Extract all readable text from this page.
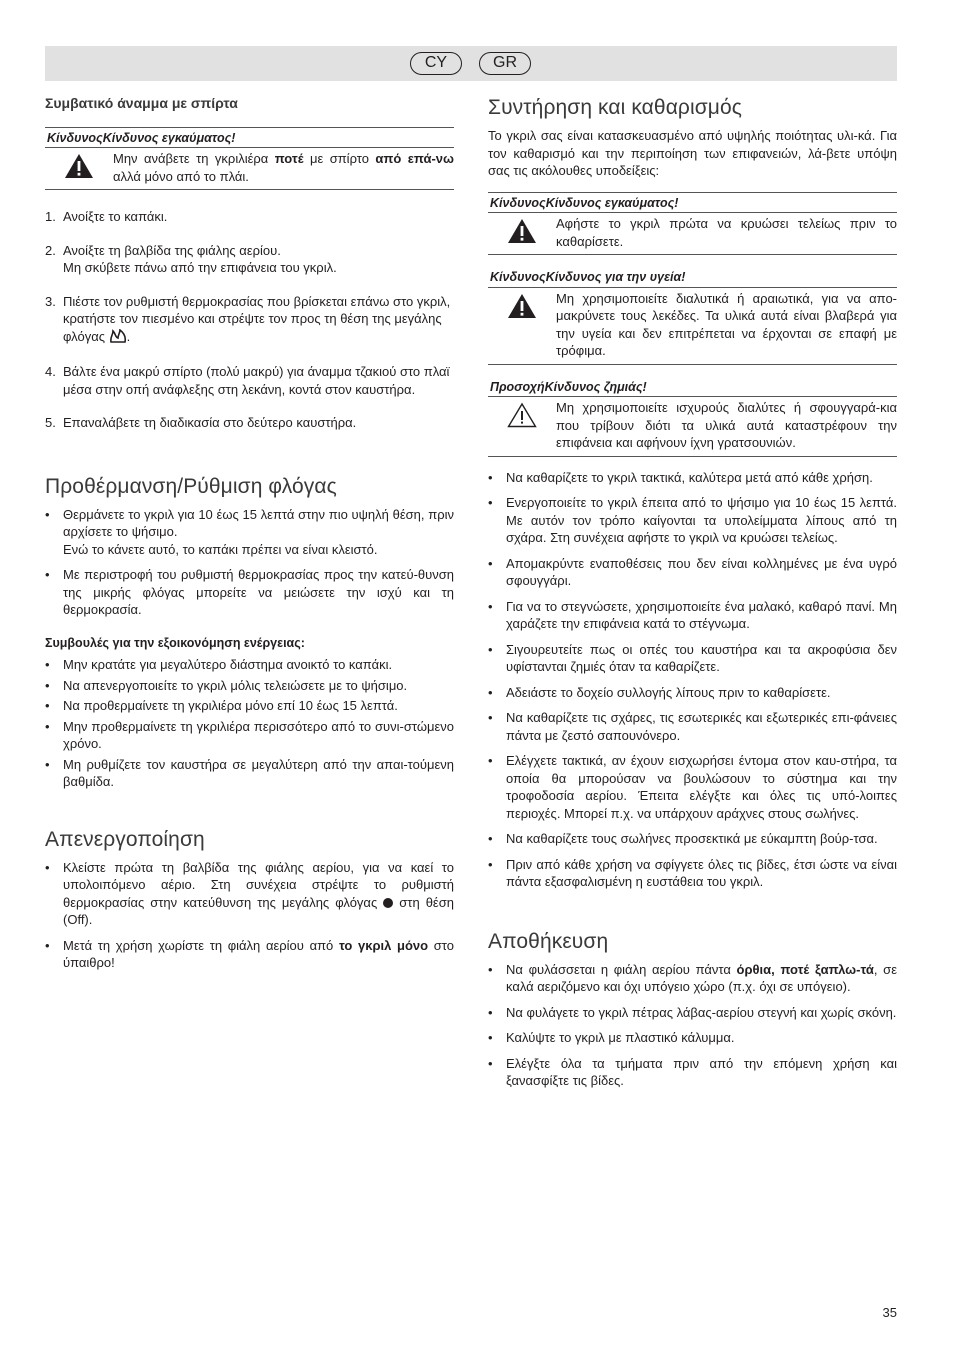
CY	GR
Συμβατικό άναμμα με σπίρτα
ΚίνδυνοςΚίνδυνος εγκαύματος!
Μην ανάβετε τη γκριλιέρα ποτέ με σπίρτο από επά-νω αλλά μόνο από το πλάι.
1. Ανοίξτε το καπάκι.
2. Ανοίξτε τη βαλβίδα της φιάλης αερίου.
Μη σκύβετε πάνω από την επιφάνεια του γκριλ.
3. Πιέστε τον ρυθμιστή θερμοκρασίας που βρίσκεται επάνω στο γκριλ, κρατήστε τον πιεσμένο και στρέψτε τον προς τη θέση της μεγάλης φλόγας .
4. Βάλτε ένα μακρύ σπίρτο (πολύ μακρύ) για άναμμα τζακιού στο πλαϊ μέσα στην οπή ανάφλεξης στη λεκάνη, κοντά στον καυστήρα.
5. Επαναλάβετε τη διαδικασία στο δεύτερο καυστήρα.
Προθέρμανση/Ρύθμιση φλόγας
•	Θερμάνετε το γκριλ για 10 έως 15 λεπτά στην πιο υψηλή θέση, πριν αρχίσετε το ψήσιμο.
Ενώ το κάνετε αυτό, το καπάκι πρέπει να είναι κλειστό.
•	Με περιστροφή του ρυθμιστή θερμοκρασίας προς την κατεύ-θυνση της μικρής φλόγας μπορείτε να μειώσετε την ισχύ και τη θερμοκρασία.
Συμβουλές για την εξοικονόμηση ενέργειας:
•	Μην κρατάτε για μεγαλύτερο διάστημα ανοικτό το καπάκι.
•	Να απενεργοποιείτε το γκριλ μόλις τελειώσετε με το ψήσιμο.
•	Να προθερμαίνετε τη γκριλιέρα μόνο επί 10 έως 15 λεπτά.
•	Μην προθερμαίνετε τη γκριλιέρα περισσότερο από το συνι-στώμενο χρόνο.
•	Μη ρυθμίζετε τον καυστήρα σε μεγαλύτερη από την απαι-τούμενη βαθμίδα.
Απενεργοποίηση
•	Κλείστε πρώτα τη βαλβίδα της φιάλης αερίου, για να καεί το υπολοιπόμενο αέριο. Στη συνέχεια στρέψτε το ρυθμιστή θερμοκρασίας στην κατεύθυνση της μεγάλης φλόγας  στη θέση (Off).
•	Μετά τη χρήση χωρίστε τη φιάλη αερίου από το γκριλ μόνο στο ύπαιθρο!
Συντήρηση και καθαρισμός

Το γκριλ σας είναι κατασκευασμένο από υψηλής ποιότητας υλι-κά. Για τον καθαρισμό και την περιποίηση των επιφανειών, λά-βετε υπόψη σας τις ακόλουθες υποδείξεις:

ΚίνδυνοςΚίνδυνος εγκαύματος!
Αφήστε το γκριλ πρώτα να κρυώσει τελείως πριν το καθαρίσετε.
ΚίνδυνοςΚίνδυνος για την υγεία!
Μη χρησιμοποιείτε διαλυτικά ή αραιωτικά, για να απο-μακρύνετε τους λεκέδες. Τα υλικά αυτά είναι βλαβερά για την υγεία και δεν επιτρέπεται να έρχονται σε επαφή με τρόφιμα.
ΠροσοχήΚίνδυνος ζημιάς!
Μη χρησιμοποιείτε ισχυρούς διαλύτες ή σφουγγαρά-κια που τρίβουν διότι τα υλικά αυτά καταστρέφουν την επιφάνεια και αφήνουν ίχνη γρατσουνιών.
•	Να καθαρίζετε το γκριλ τακτικά, καλύτερα μετά από κάθε χρήση.
•	Ενεργοποιείτε το γκριλ έπειτα από το ψήσιμο για 10 έως 15 λεπτά. Με αυτόν τον τρόπο καίγονται τα υπολείμματα λίπους από τη σχάρα. Στη συνέχεια αφήστε το γκριλ να κρυώσει τελείως.
•	Απομακρύντε εναποθέσεις που δεν είναι κολλημένες με ένα υγρό σφουγγάρι.
•	Για να το στεγνώσετε, χρησιμοποιείτε ένα μαλακό, καθαρό πανί. Μη χαράζετε την επιφάνεια κατά το στέγνωμα.
•	Σιγουρευτείτε πως οι οπές του καυστήρα και τα ακροφύσια δεν υφίστανται ζημιές όταν τα καθαρίζετε.
•	Αδειάστε το δοχείο συλλογής λίπους πριν το καθαρίσετε.
•	Να καθαρίζετε τις σχάρες, τις εσωτερικές και εξωτερικές επι-φάνειες πάντα με ζεστό σαπουνόνερο.
•	Ελέγχετε τακτικά, αν έχουν εισχωρήσει έντομα στον καυ-στήρα, τα οποία θα μπορούσαν να βουλώσουν το σύστημα και την τροφοδοσία αερίου. Έπειτα ελέγξτε και όλες τις υπό-λοιπες περιοχές. Μπορεί π.χ. να υπάρχουν αράχνες στους σωλήνες.
•	Να καθαρίζετε τους σωλήνες προσεκτικά με εύκαμπτη βούρ-τσα.
•	Πριν από κάθε χρήση να σφίγγετε όλες τις βίδες, έτσι ώστε να είναι πάντα εξασφαλισμένη η ευστάθεια του γκριλ.
Αποθήκευση
•	Να φυλάσσεται η φιάλη αερίου πάντα όρθια, ποτέ ξαπλω-τά, σε καλά αεριζόμενο και όχι υπόγειο χώρο (π.χ. όχι σε υπόγειο).
•	Να φυλάγετε το γκριλ πέτρας λάβας-αερίου στεγνή και χωρίς σκόνη.
•	Καλύψτε το γκριλ με πλαστικό κάλυμμα.
•	Ελέγξτε όλα τα τμήματα πριν από την επόμενη χρήση και ξανασφίξτε τις βίδες.
35
